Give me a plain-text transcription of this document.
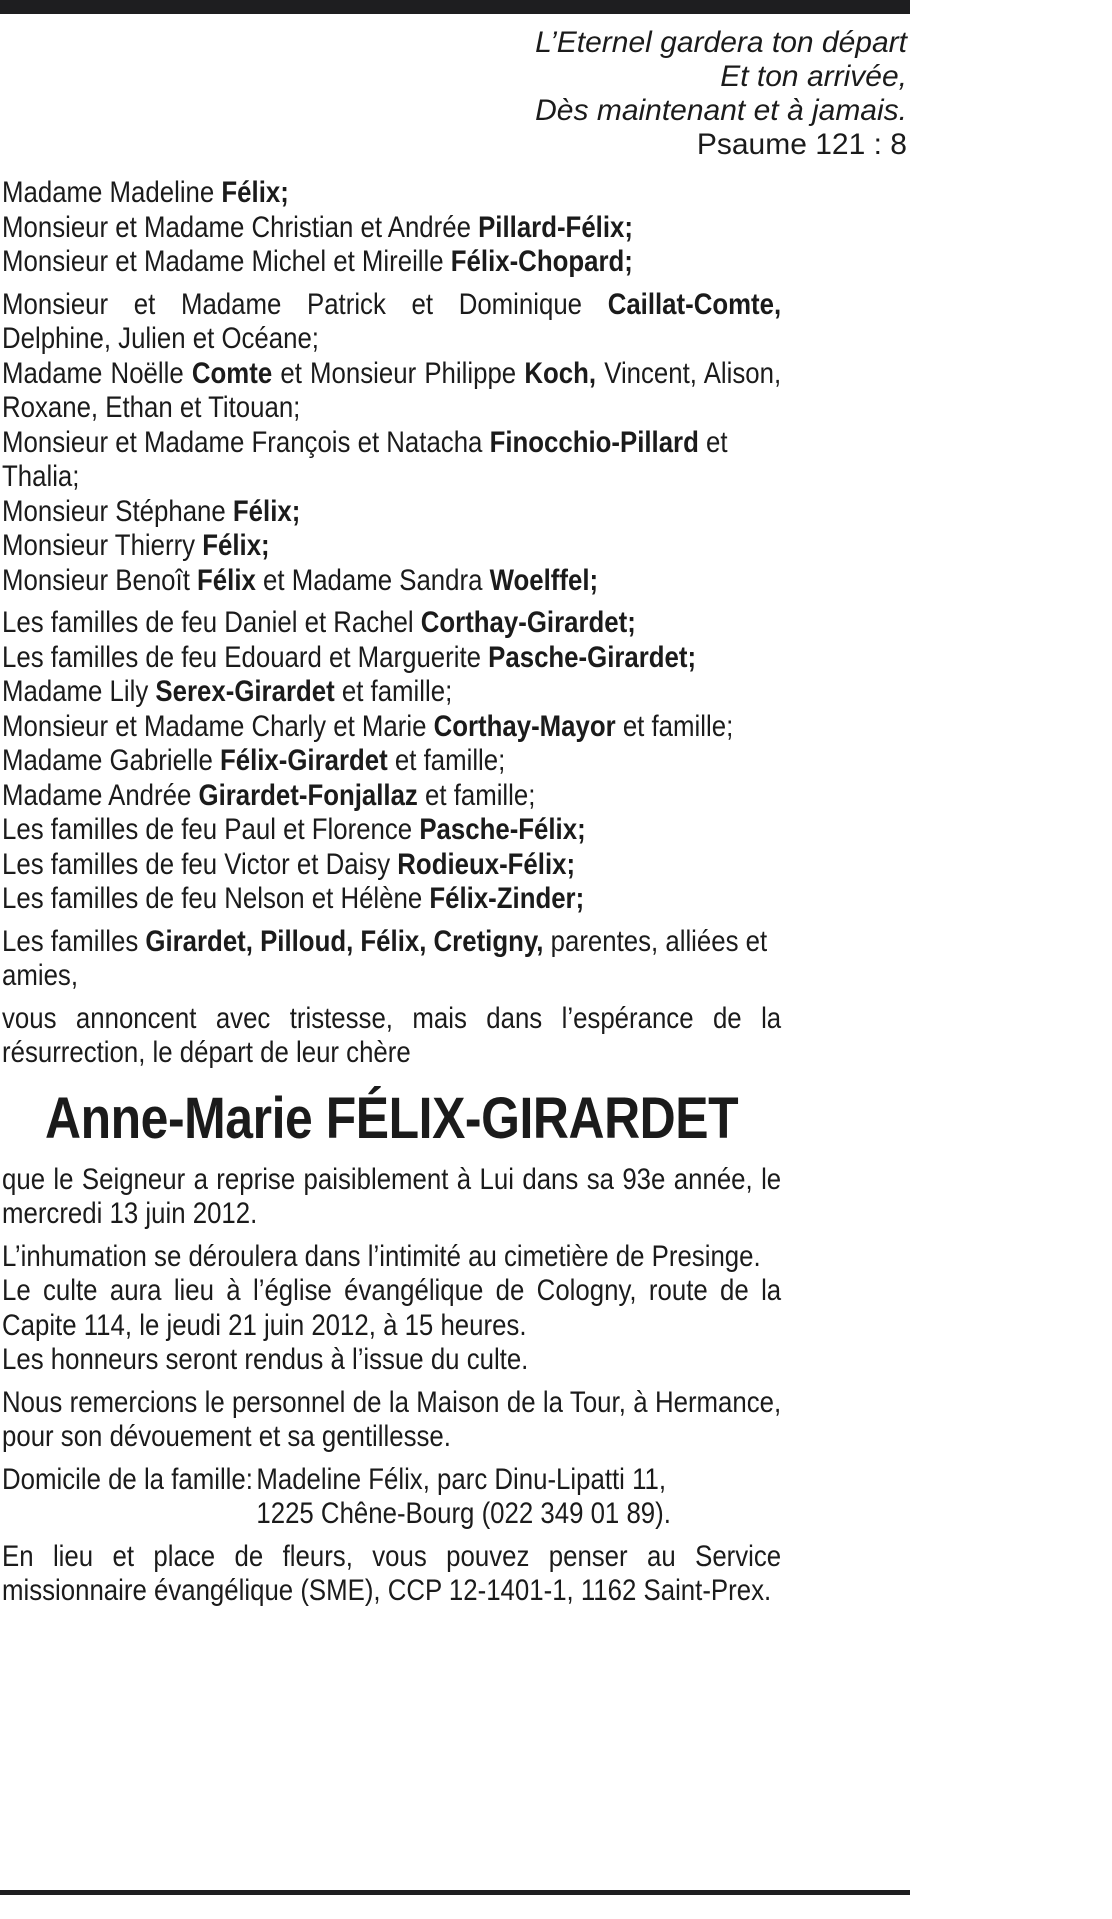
L’Eternel gardera ton départ
Et ton arrivée,
Dès maintenant et à jamais.
Psaume 121 : 8

Madame Madeline Félix;

Monsieur et Madame Christian et Andrée Pillard-Félix;

Monsieur et Madame Michel et Mireille Félix-Chopard;

Monsieur et Madame Patrick et Dominique Caillat-Comte, Delphine, Julien et Océane;

Madame Noëlle Comte et Monsieur Philippe Koch, Vincent, Alison, Roxane, Ethan et Titouan;

Monsieur et Madame François et Natacha Finocchio-Pillard et Thalia;

Monsieur Stéphane Félix;

Monsieur Thierry Félix;

Monsieur Benoît Félix et Madame Sandra Woelffel;

Les familles de feu Daniel et Rachel Corthay-Girardet;

Les familles de feu Edouard et Marguerite Pasche-Girardet;

Madame Lily Serex-Girardet et famille;

Monsieur et Madame Charly et Marie Corthay-Mayor et famille;

Madame Gabrielle Félix-Girardet et famille;

Madame Andrée Girardet-Fonjallaz et famille;

Les familles de feu Paul et Florence Pasche-Félix;

Les familles de feu Victor et Daisy Rodieux-Félix;

Les familles de feu Nelson et Hélène Félix-Zinder;

Les familles Girardet, Pilloud, Félix, Cretigny, parentes, alliées et amies,

vous annoncent avec tristesse, mais dans l’espérance de la résurrection, le départ de leur chère

Anne-Marie FÉLIX-GIRARDET

que le Seigneur a reprise paisiblement à Lui dans sa 93e année, le mercredi 13 juin 2012.

L’inhumation se déroulera dans l’intimité au cimetière de Presinge.

Le culte aura lieu à l’église évangélique de Cologny, route de la Capite 114, le jeudi 21 juin 2012, à 15 heures.

Les honneurs seront rendus à l’issue du culte.

Nous remercions le personnel de la Maison de la Tour, à Hermance, pour son dévouement et sa gentillesse.

Domicile de la famille: Madeline Félix, parc Dinu-Lipatti 11,
1225 Chêne-Bourg (022 349 01 89).

En lieu et place de fleurs, vous pouvez penser au Service missionnaire évangélique (SME), CCP 12-1401-1, 1162 Saint-Prex.
